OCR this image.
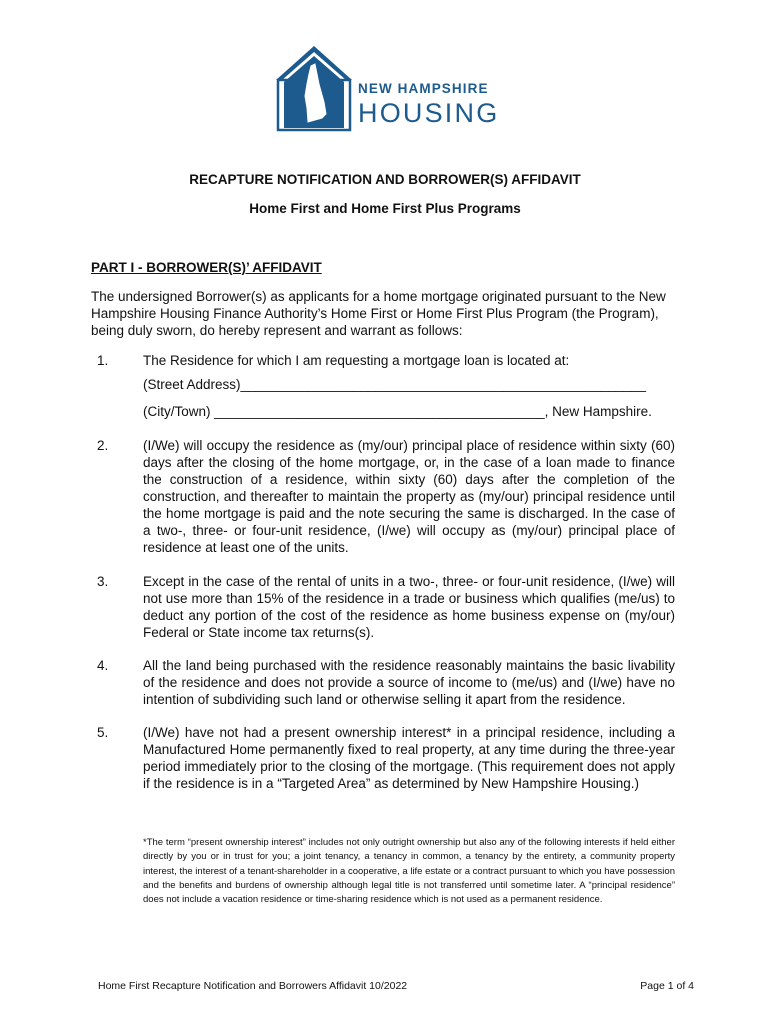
NEW HAMPSHIRE
HOUSING
RECAPTURE NOTIFICATION AND BORROWER(S) AFFIDAVIT
Home First and Home First Plus Programs
PART I - BORROWER(S)’ AFFIDAVIT
The undersigned Borrower(s) as applicants for a home mortgage originated pursuant to the New Hampshire Housing Finance Authority’s Home First or Home First Plus Program (the Program), being duly sworn, do hereby represent and warrant as follows:
1.	The Residence for which I am requesting a mortgage loan is located at:
(Street Address)______________________________________________________
(City/Town) ____________________________________________, New Hampshire.
2.	(I/We) will occupy the residence as (my/our) principal place of residence within sixty (60) days after the closing of the home mortgage, or, in the case of a loan made to finance the construction of a residence, within sixty (60) days after the completion of the construction, and thereafter to maintain the property as (my/our) principal residence until the home mortgage is paid and the note securing the same is discharged. In the case of a two-, three- or four-unit residence, (I/we) will occupy as (my/our) principal place of residence at least one of the units.
3.	Except in the case of the rental of units in a two-, three- or four-unit residence, (I/we) will not use more than 15% of the residence in a trade or business which qualifies (me/us) to deduct any portion of the cost of the residence as home business expense on (my/our) Federal or State income tax returns(s).
4.	All the land being purchased with the residence reasonably maintains the basic livability of the residence and does not provide a source of income to (me/us) and (I/we) have no intention of subdividing such land or otherwise selling it apart from the residence.
5.	(I/We) have not had a present ownership interest* in a principal residence, including a Manufactured Home permanently fixed to real property, at any time during the three-year period immediately prior to the closing of the mortgage. (This requirement does not apply if the residence is in a “Targeted Area” as determined by New Hampshire Housing.)
*The term “present ownership interest” includes not only outright ownership but also any of the following interests if held either directly by you or in trust for you; a joint tenancy, a tenancy in common, a tenancy by the entirety, a community property interest, the interest of a tenant-shareholder in a cooperative, a life estate or a contract pursuant to which you have possession and the benefits and burdens of ownership although legal title is not transferred until sometime later. A “principal residence” does not include a vacation residence or time-sharing residence which is not used as a permanent residence.
Home First Recapture Notification and Borrowers Affidavit 10/2022	Page 1 of 4
